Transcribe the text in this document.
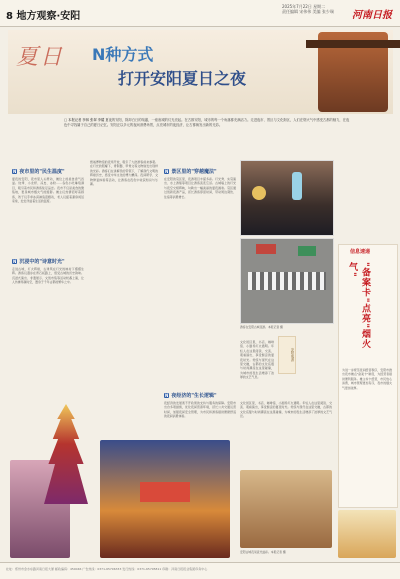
8 地方观察·安阳
2025年7月22日 星期二
责任编辑 宋伟伟 美编 张少瑞	河南日报
夏日 N种方式
打开安阳夏日之夜
□ 本报记者 李林 张翠 李耀 夏夜的安阳，除却白日的喧嚣，一座座城的灯光亮起。在古都安阳，城市的每一个角落都充满活力。走进夜市、景区与文化街区，人们在烟火气中感受古都的魅力，在夜色中寻找属于自己的夏日记忆。安阳正以多元的夜间消费场景，点亮城市的夜经济，让古都焕发出新的光彩。
N 夜市里的"民生温度"
夏夜的安阳，夜市里人头攒动，摊位上的美食香气四溢。烧烤、小龙虾、凉皮、冰粉……各色小吃琳琅满目，吸引着市民和游客驻足品尝。夜市不仅是美食的聚集地，更是城市烟火气的缩影。摊主们热情招呼着顾客，孩子们手拿冰淇淋追逐嬉戏，老人们摇着蒲扇闲话家常，处处洋溢着生活的温度。
N 沉浸中的"诗意时光"
走进古城，灯火辉煌，古建筑在灯光的映衬下熠熠生辉。游客们漫步在青石板路上，感受古城的历史韵味。沉浸式演出、非遗展示、文创市集等活动轮番上演，让人仿佛穿越时空，置身于千年古都的繁华之中。
殷墟博物馆的夜场开放，吸引了大批游客前来参观。在灯光的照耀下，青铜器、甲骨文等文物焕发出别样的光彩。游客们在讲解员的带领下，了解商代文明的辉煌历史，感受中华文化的博大精深。夜间研学、文物修复体验等活动，让游客在夜色中收获知识与乐趣。
N 景区里的"穿越魔法"
在安阳的景区里，夜游项目丰富多彩。灯光秀、实景演出、水上游船等项目让游客流连忘返。古城墙上的灯光与夜空交相辉映，勾勒出一幅美丽的夏夜画卷。景区通过创新夜游产品，延长游客停留时间，带动周边餐饮、住宿等消费增长。
游客在安阳古城夜游。本报记者 摄
安阳夜游
文化街区里，书店、咖啡馆、小剧场灯火通明。年轻人在这里阅读、交流、观看演出，享受惬意的夏夜时光。传统与现代在这里交融，古都的文化底蕴与时尚潮流在这里碰撞，为城市的夜生活增添了浓厚的文艺气息。
N 夜经济的"生长逻辑"
夜经济的发展离不开政策的支持与服务的保障。安阳市出台多项措施，优化夜间营商环境，延长公共交通运营时间，加强夜间安全管理，为市民和游客提供便捷舒适的夜间消费体验。
文化街区里，书店、咖啡馆、小剧场灯火通明。年轻人在这里阅读、交流、观看演出，享受惬意的夏夜时光。传统与现代在这里交融，古都的文化底蕴与时尚潮流在这里碰撞，为城市的夜生活增添了浓厚的文艺气息。
信息速递
"备案卡"点亮"烟火气"
为进一步规范夜间经营秩序，安阳市推出夜市摊点"备案卡"制度，为经营者提供便利服务。摊主持卡经营，市民放心消费，城市管理更加有序，夜市的烟火气更加浓厚。
安阳古城夜景流光溢彩。本报记者 摄
社址：郑州市金水东路河南日报大厦 邮政编码：450046 广告热线：0371-65796333 发行热线：0371-65795811 印刷：河南日报报业集团印务中心
